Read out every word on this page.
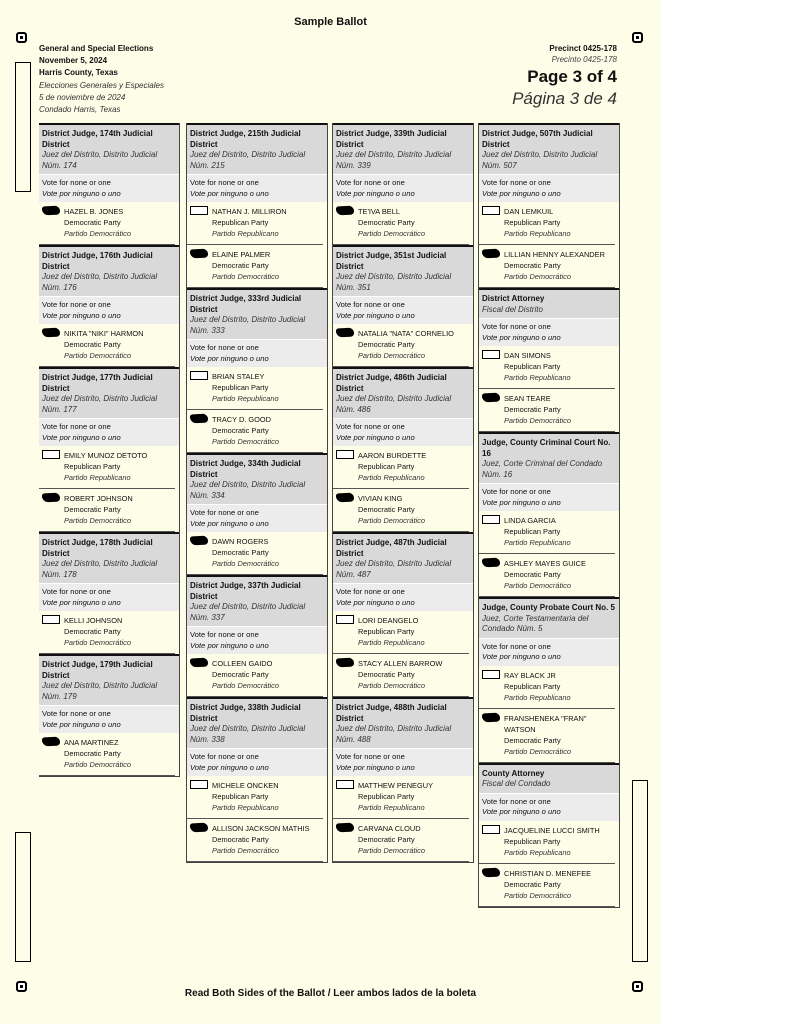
Sample Ballot
General and Special Elections
November 5, 2024
Harris County, Texas
Elecciones Generales y Especiales
5 de noviembre de 2024
Condado Harris, Texas
Precinct 0425-178
Precinto 0425-178
Page 3 of 4
Página 3 de 4
District Judge, 174th Judicial District
Juez del Distrito, Distrito Judicial Núm. 174
Vote for none or one
Vote por ninguno o uno
HAZEL B. JONES
Democratic Party
Partido Democrático
District Judge, 176th Judicial District
Juez del Distrito, Distrito Judicial Núm. 176
Vote for none or one
Vote por ninguno o uno
NIKITA "NIKI" HARMON
Democratic Party
Partido Democrático
District Judge, 177th Judicial District
Juez del Distrito, Distrito Judicial Núm. 177
Vote for none or one
Vote por ninguno o uno
EMILY MUNOZ DETOTO
Republican Party
Partido Republicano
ROBERT JOHNSON
Democratic Party
Partido Democrático
District Judge, 178th Judicial District
Juez del Distrito, Distrito Judicial Núm. 178
Vote for none or one
Vote por ninguno o uno
KELLI JOHNSON
Democratic Party
Partido Democrático
District Judge, 179th Judicial District
Juez del Distrito, Distrito Judicial Núm. 179
Vote for none or one
Vote por ninguno o uno
ANA MARTINEZ
Democratic Party
Partido Democrático
District Judge, 215th Judicial District
Juez del Distrito, Distrito Judicial Núm. 215
Vote for none or one
Vote por ninguno o uno
NATHAN J. MILLIRON
Republican Party
Partido Republicano
ELAINE PALMER
Democratic Party
Partido Democrático
District Judge, 333rd Judicial District
Juez del Distrito, Distrito Judicial Núm. 333
Vote for none or one
Vote por ninguno o uno
BRIAN STALEY
Republican Party
Partido Republicano
TRACY D. GOOD
Democratic Party
Partido Democrático
District Judge, 334th Judicial District
Juez del Distrito, Distrito Judicial Núm. 334
Vote for none or one
Vote por ninguno o uno
DAWN ROGERS
Democratic Party
Partido Democrático
District Judge, 337th Judicial District
Juez del Distrito, Distrito Judicial Núm. 337
Vote for none or one
Vote por ninguno o uno
COLLEEN GAIDO
Democratic Party
Partido Democrático
District Judge, 338th Judicial District
Juez del Distrito, Distrito Judicial Núm. 338
Vote for none or one
Vote por ninguno o uno
MICHELE ONCKEN
Republican Party
Partido Republicano
ALLISON JACKSON MATHIS
Democratic Party
Partido Democrático
District Judge, 339th Judicial District
Juez del Distrito, Distrito Judicial Núm. 339
Vote for none or one
Vote por ninguno o uno
TE'IVA BELL
Democratic Party
Partido Democrático
District Judge, 351st Judicial District
Juez del Distrito, Distrito Judicial Núm. 351
Vote for none or one
Vote por ninguno o uno
NATALIA "NATA" CORNELIO
Democratic Party
Partido Democrático
District Judge, 486th Judicial District
Juez del Distrito, Distrito Judicial Núm. 486
Vote for none or one
Vote por ninguno o uno
AARON BURDETTE
Republican Party
Partido Republicano
VIVIAN KING
Democratic Party
Partido Democrático
District Judge, 487th Judicial District
Juez del Distrito, Distrito Judicial Núm. 487
Vote for none or one
Vote por ninguno o uno
LORI DEANGELO
Republican Party
Partido Republicano
STACY ALLEN BARROW
Democratic Party
Partido Democrático
District Judge, 488th Judicial District
Juez del Distrito, Distrito Judicial Núm. 488
Vote for none or one
Vote por ninguno o uno
MATTHEW PENEGUY
Republican Party
Partido Republicano
CARVANA CLOUD
Democratic Party
Partido Democrático
District Judge, 507th Judicial District
Juez del Distrito, Distrito Judicial Núm. 507
Vote for none or one
Vote por ninguno o uno
DAN LEMKUIL
Republican Party
Partido Republicano
LILLIAN HENNY ALEXANDER
Democratic Party
Partido Democrático
District Attorney
Fiscal del Distrito
Vote for none or one
Vote por ninguno o uno
DAN SIMONS
Republican Party
Partido Republicano
SEAN TEARE
Democratic Party
Partido Democrático
Judge, County Criminal Court No. 16
Juez, Corte Criminal del Condado Núm. 16
Vote for none or one
Vote por ninguno o uno
LINDA GARCIA
Republican Party
Partido Republicano
ASHLEY MAYES GUICE
Democratic Party
Partido Democrático
Judge, County Probate Court No. 5
Juez, Corte Testamentaria del Condado Núm. 5
Vote for none or one
Vote por ninguno o uno
RAY BLACK JR
Republican Party
Partido Republicano
FRANSHENEKA "FRAN" WATSON
Democratic Party
Partido Democrático
County Attorney
Fiscal del Condado
Vote for none or one
Vote por ninguno o uno
JACQUELINE LUCCI SMITH
Republican Party
Partido Republicano
CHRISTIAN D. MENEFEE
Democratic Party
Partido Democrático
Read Both Sides of the Ballot / Leer ambos lados de la boleta
